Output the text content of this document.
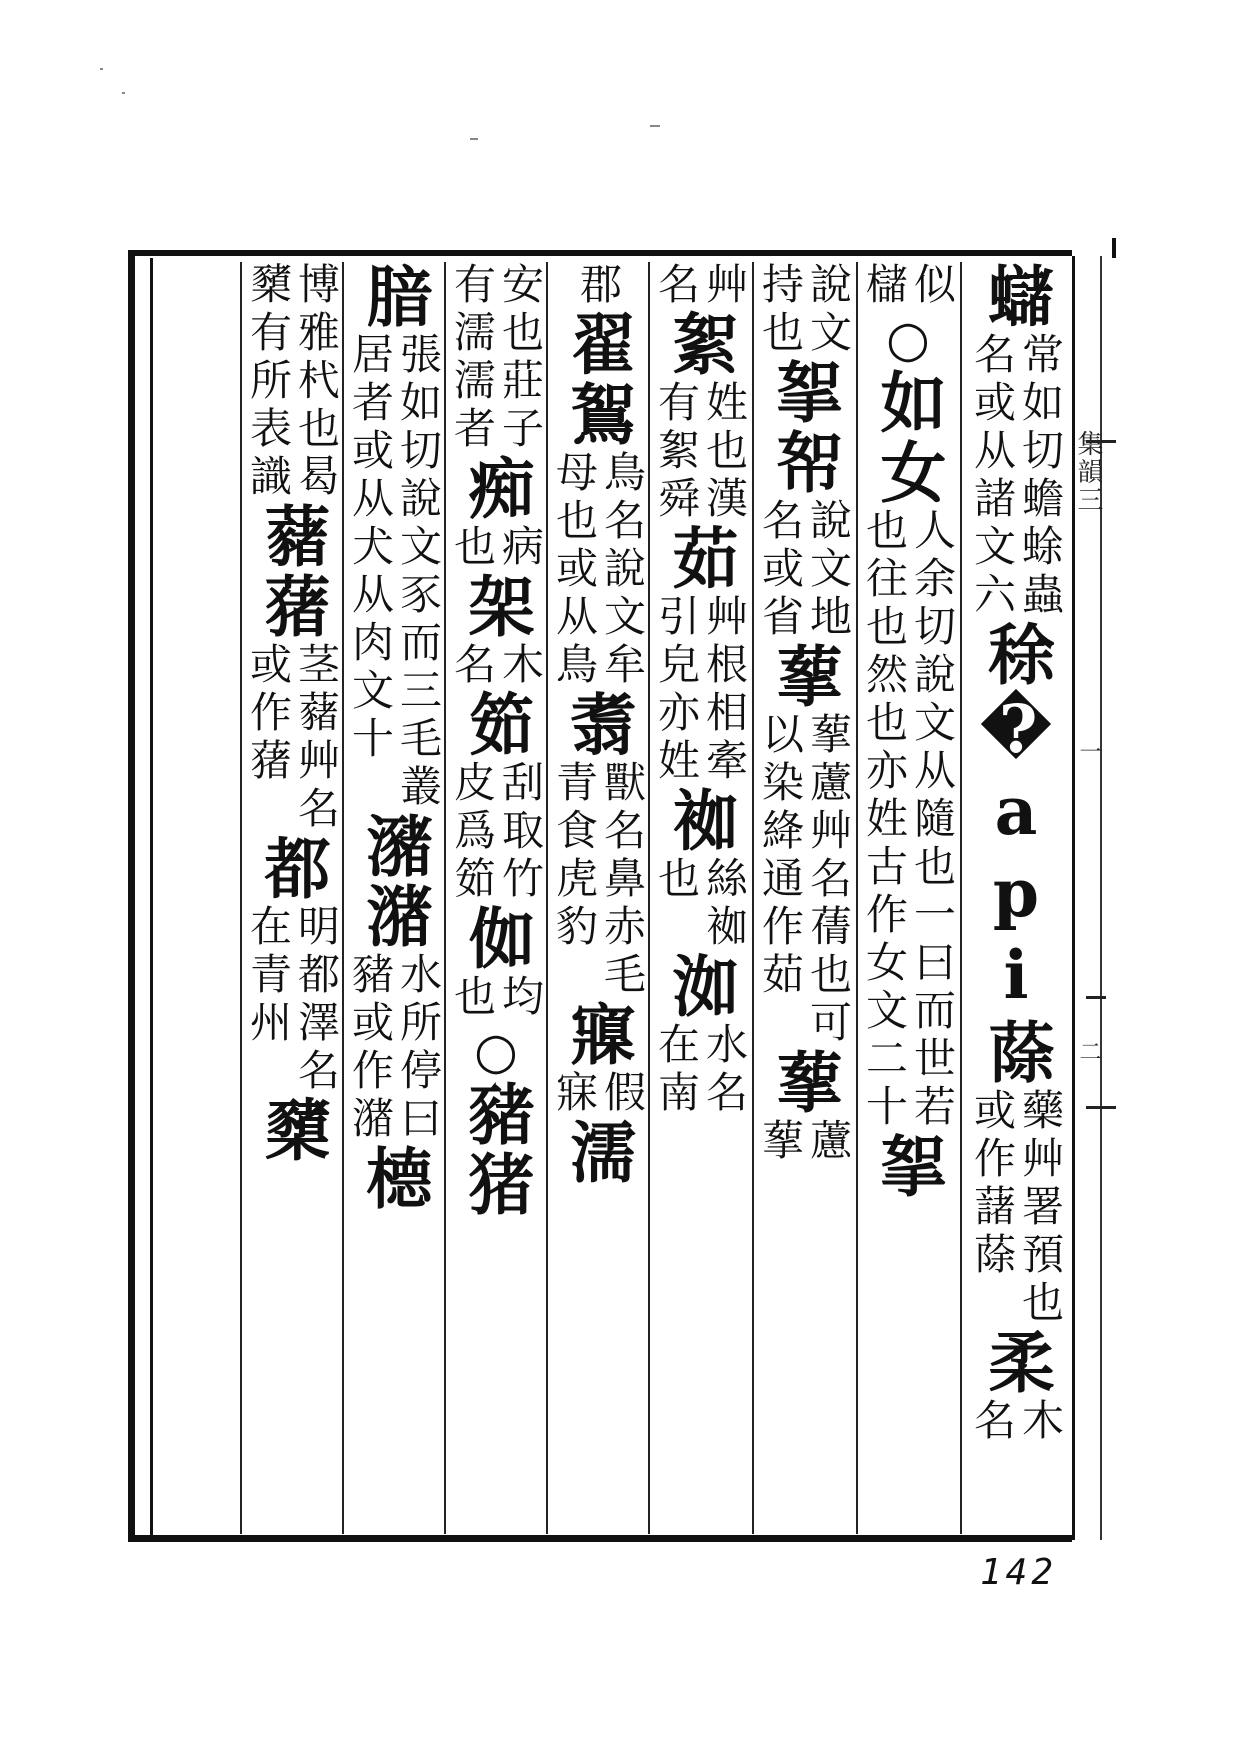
集韻三
一
二
蠩
常如切蟾蜍蟲
名或从諸文六
稌�api蒢
藥艸署預也
或作藷蒢
柔
木
名
似
櫧
○如女
人余切說文从隨也一曰而世若
也往也然也亦姓古作女文二十
挐
說文
持也
挐帤
說文地
名或省
蒘
蒘藘艸名蒨也可
以染絳通作茹
蒘
藘
蒘
艸
名
絮
姓也漢
有絮舜
茹
艸根相牽
引皃亦姓
袽
絲袽
也
洳
水名
在南
郡
翟鴽
鳥名說文牟
母也或从鳥
䎝
獸名鼻赤毛
青食虎豹
寱
假
寐
濡
安也莊子
有濡濡者
痴
病
也
架
木
名
筎
刮取竹
皮爲筎
侞
均
也
○豬猪
腤
張如切說文豕而三毛叢
居者或从犬从肉文十
瀦潴
水所停曰
豬或作潴
㯖
博雅杙也曷
櫫有所表識
藸蕏
茎藸艸名
或作蕏
都
明都澤名
在青州
櫫
142
